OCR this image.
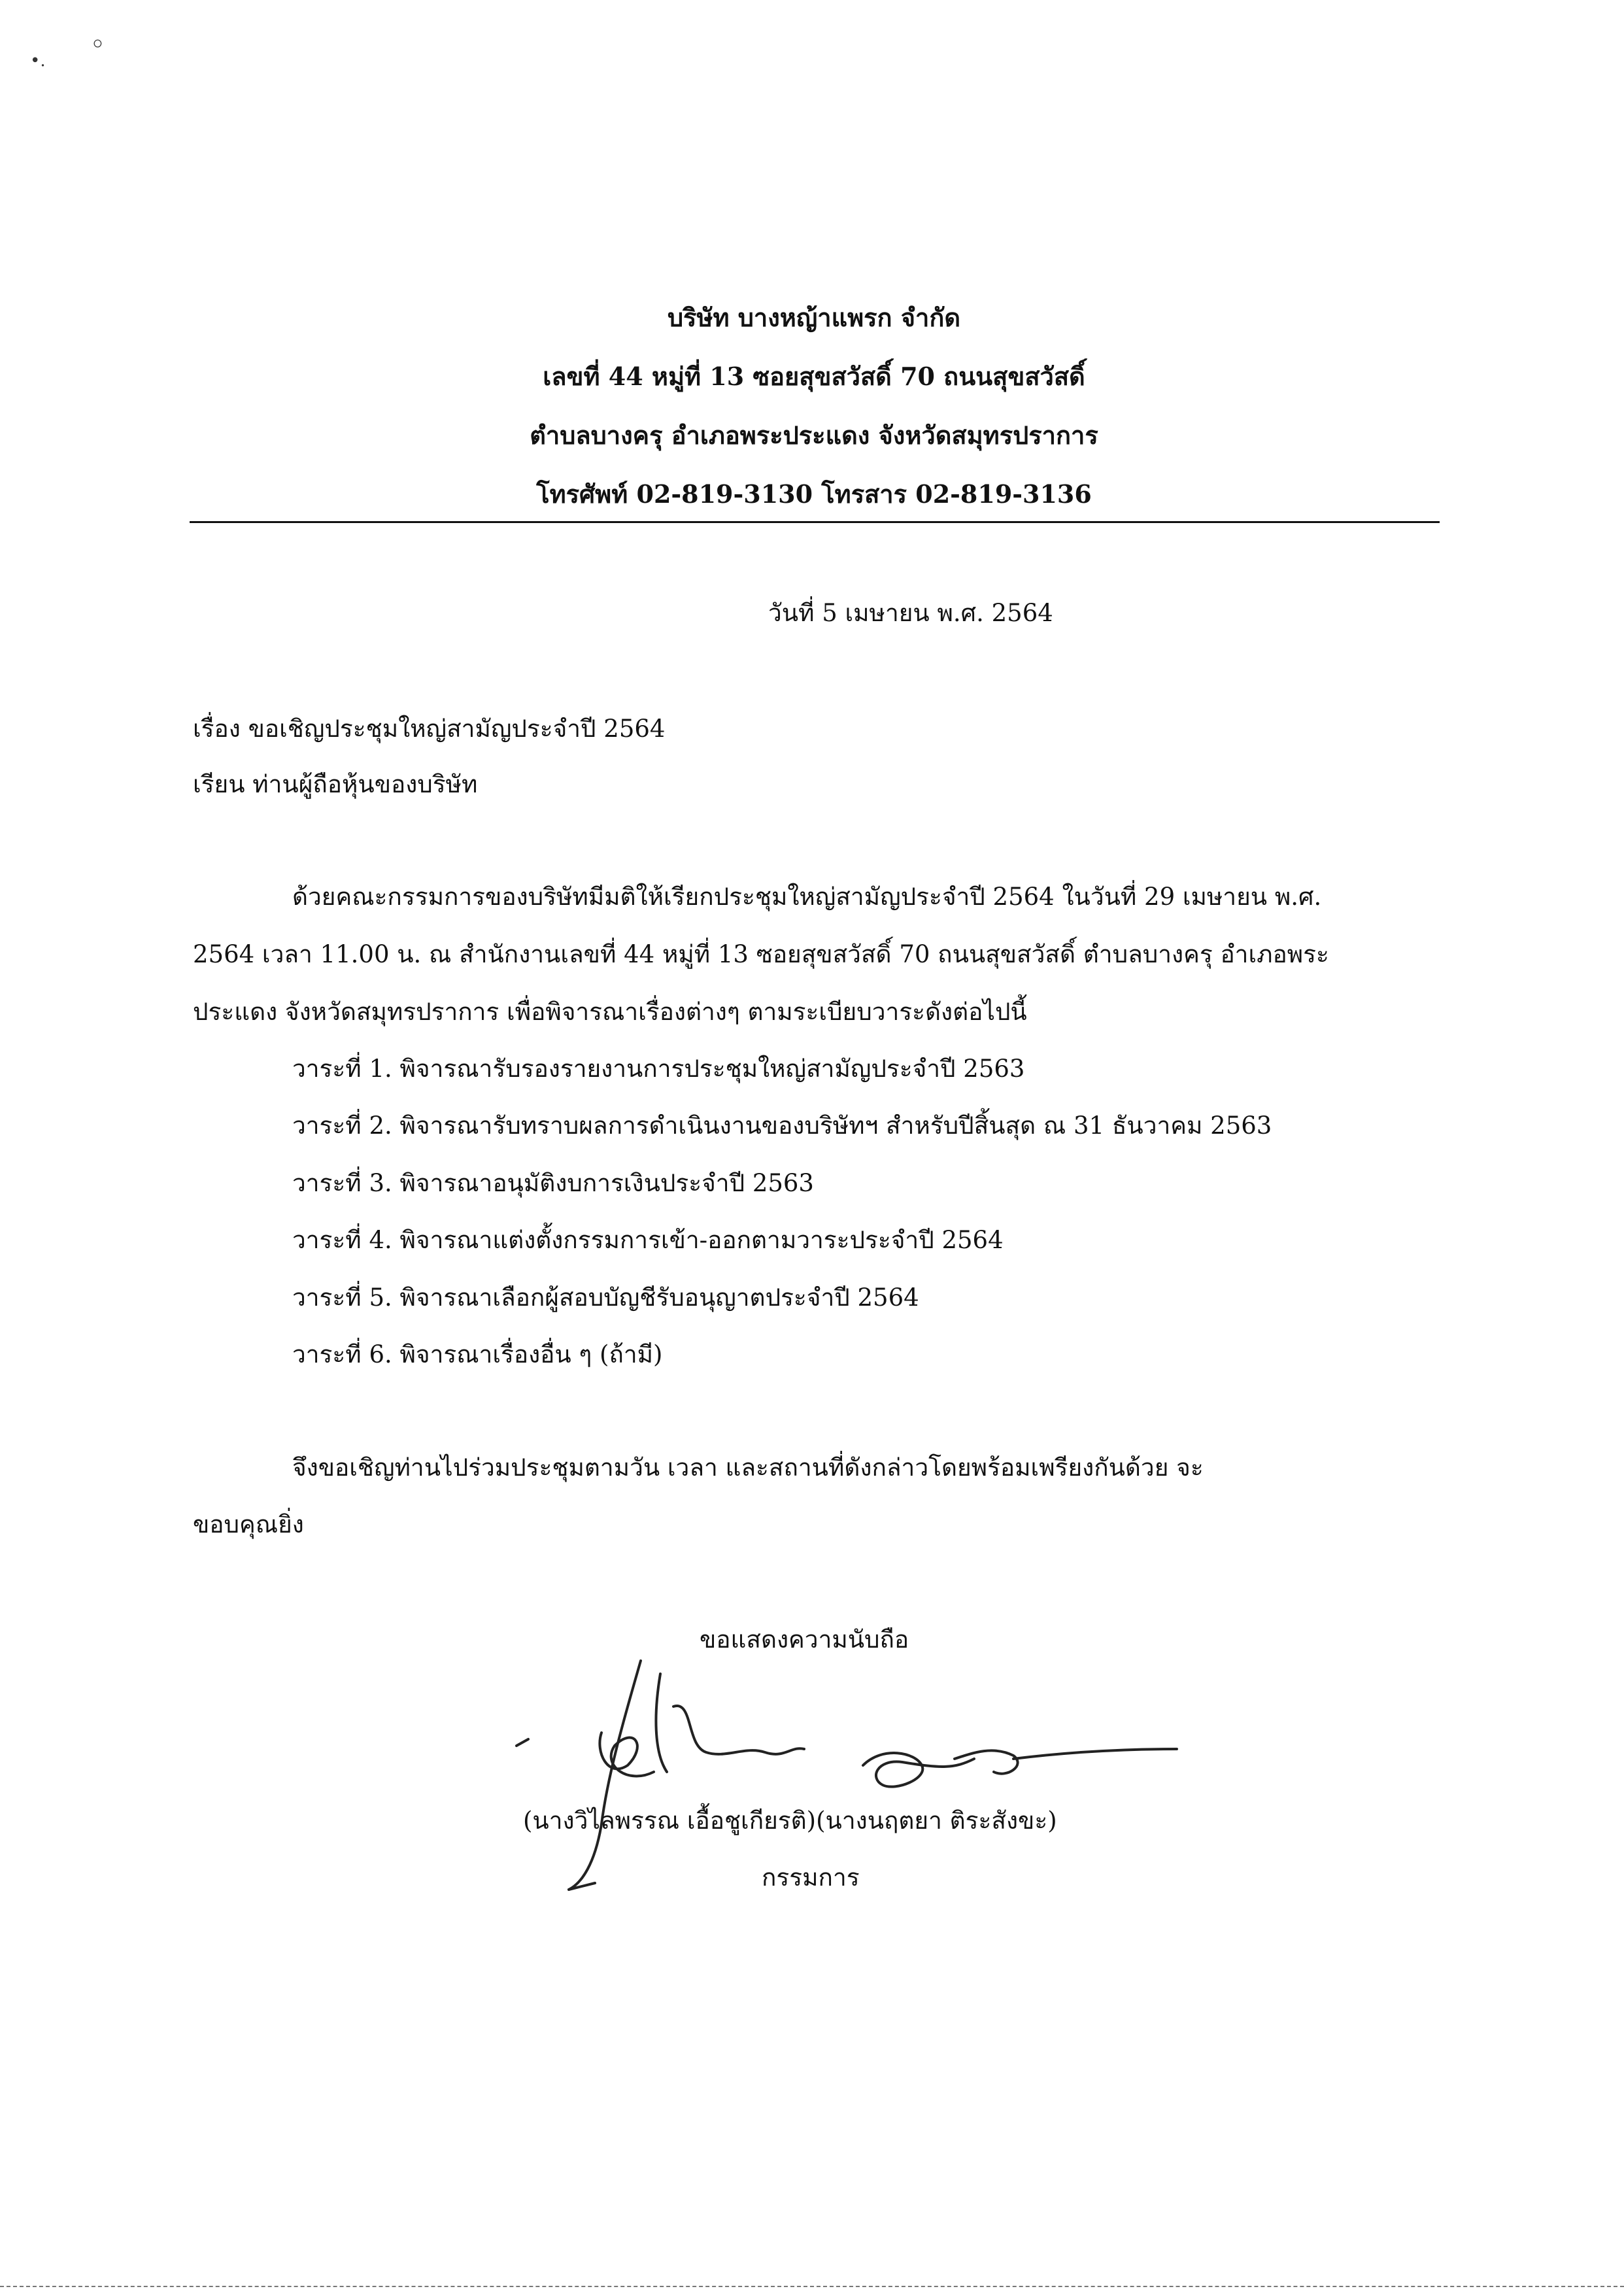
•.
ဝ
บริษัท บางหญ้าแพรก จำกัด
เลขที่ 44 หมู่ที่ 13 ซอยสุขสวัสดิ์ 70 ถนนสุขสวัสดิ์
ตำบลบางครุ อำเภอพระประแดง จังหวัดสมุทรปราการ
โทรศัพท์ 02-819-3130 โทรสาร 02-819-3136
วันที่ 5 เมษายน พ.ศ. 2564
เรื่อง ขอเชิญประชุมใหญ่สามัญประจำปี 2564
เรียน ท่านผู้ถือหุ้นของบริษัท
ด้วยคณะกรรมการของบริษัทมีมติให้เรียกประชุมใหญ่สามัญประจำปี 2564 ในวันที่ 29 เมษายน พ.ศ.
2564 เวลา 11.00 น. ณ สำนักงานเลขที่ 44 หมู่ที่ 13 ซอยสุขสวัสดิ์ 70 ถนนสุขสวัสดิ์ ตำบลบางครุ อำเภอพระ
ประแดง จังหวัดสมุทรปราการ เพื่อพิจารณาเรื่องต่างๆ ตามระเบียบวาระดังต่อไปนี้
วาระที่ 1. พิจารณารับรองรายงานการประชุมใหญ่สามัญประจำปี 2563
วาระที่ 2. พิจารณารับทราบผลการดำเนินงานของบริษัทฯ สำหรับปีสิ้นสุด ณ 31 ธันวาคม 2563
วาระที่ 3. พิจารณาอนุมัติงบการเงินประจำปี 2563
วาระที่ 4. พิจารณาแต่งตั้งกรรมการเข้า-ออกตามวาระประจำปี 2564
วาระที่ 5. พิจารณาเลือกผู้สอบบัญชีรับอนุญาตประจำปี 2564
วาระที่ 6. พิจารณาเรื่องอื่น ๆ (ถ้ามี)
จึงขอเชิญท่านไปร่วมประชุมตามวัน เวลา และสถานที่ดังกล่าวโดยพร้อมเพรียงกันด้วย จะ
ขอบคุณยิ่ง
ขอแสดงความนับถือ
(นางวิไลพรรณ เอื้อชูเกียรติ)(นางนฤตยา ติระสังขะ)
กรรมการ
